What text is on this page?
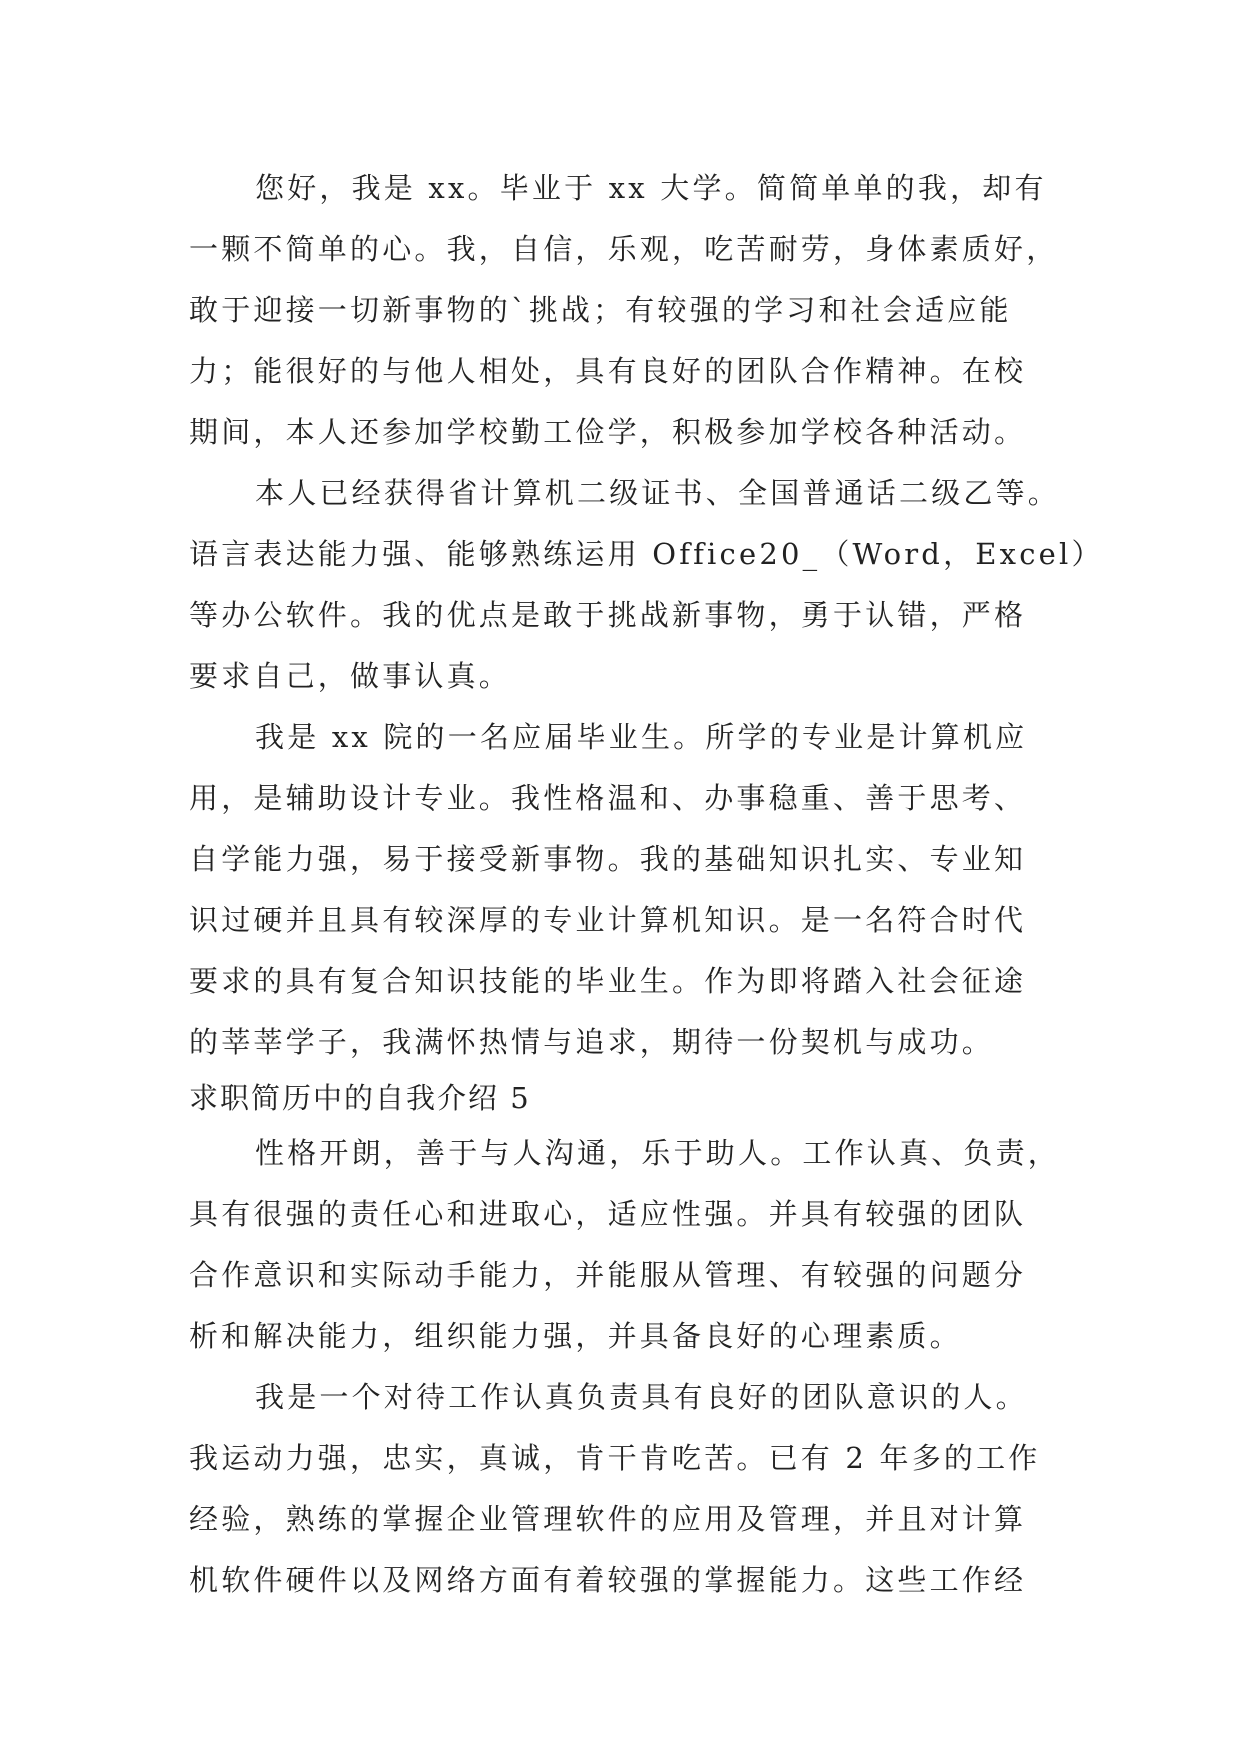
您好，我是 xx。毕业于 xx 大学。简简单单的我，却有
一颗不简单的心。我，自信，乐观，吃苦耐劳，身体素质好，
敢于迎接一切新事物的`挑战；有较强的学习和社会适应能
力；能很好的与他人相处，具有良好的团队合作精神。在校
期间，本人还参加学校勤工俭学，积极参加学校各种活动。
本人已经获得省计算机二级证书、全国普通话二级乙等。
语言表达能力强、能够熟练运用 Office20_（Word，Excel）
等办公软件。我的优点是敢于挑战新事物，勇于认错，严格
要求自己，做事认真。
我是 xx 院的一名应届毕业生。所学的专业是计算机应
用，是辅助设计专业。我性格温和、办事稳重、善于思考、
自学能力强，易于接受新事物。我的基础知识扎实、专业知
识过硬并且具有较深厚的专业计算机知识。是一名符合时代
要求的具有复合知识技能的毕业生。作为即将踏入社会征途
的莘莘学子，我满怀热情与追求，期待一份契机与成功。
求职简历中的自我介绍 5
性格开朗，善于与人沟通，乐于助人。工作认真、负责，
具有很强的责任心和进取心，适应性强。并具有较强的团队
合作意识和实际动手能力，并能服从管理、有较强的问题分
析和解决能力，组织能力强，并具备良好的心理素质。
我是一个对待工作认真负责具有良好的团队意识的人。
我运动力强，忠实，真诚，肯干肯吃苦。已有 2 年多的工作
经验，熟练的掌握企业管理软件的应用及管理，并且对计算
机软件硬件以及网络方面有着较强的掌握能力。这些工作经
